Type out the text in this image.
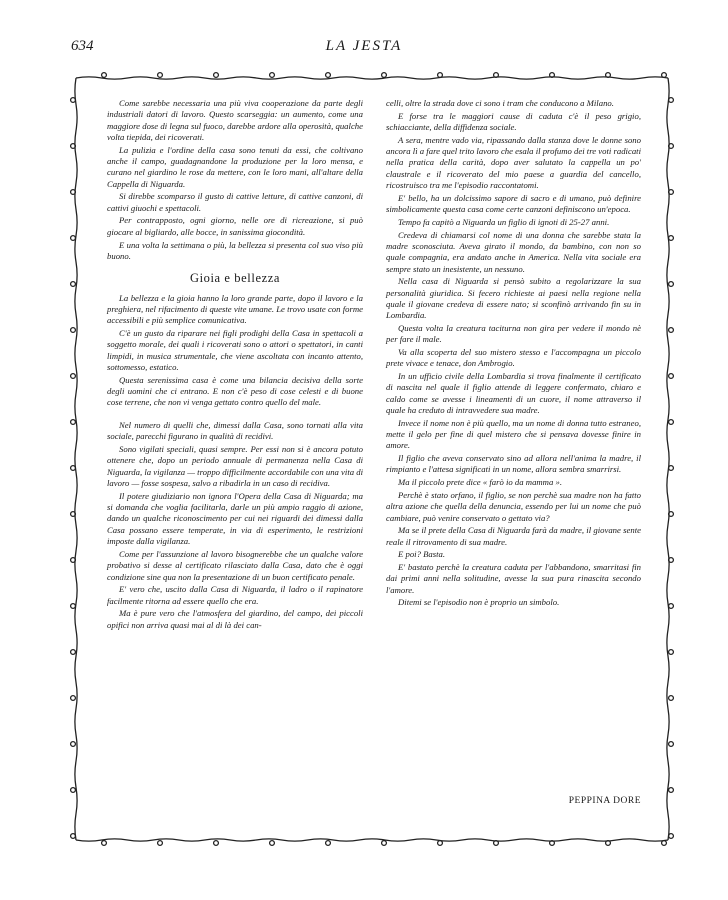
634	LA JESTA

Come sarebbe necessaria una più viva cooperazione da parte degli industriali datori di lavoro. Questo scarseggia: un aumento, come una maggiore dose di legna sul fuoco, darebbe ardore alla operosità, qualche volta tiepida, dei ricoverati.

La pulizia e l'ordine della casa sono tenuti da essi, che coltivano anche il campo, guadagnandone la produzione per la loro mensa, e curano nel giardino le rose da mettere, con le loro mani, all'altare della Cappella di Niguarda.

Si direbbe scomparso il gusto di cattive letture, di cattive canzoni, di cattivi giuochi e spettacoli.

Per contrapposto, ogni giorno, nelle ore di ricreazione, si può giocare al bigliardo, alle bocce, in sanissima giocondità.

E una volta la settimana o più, la bellezza si presenta col suo viso più buono.

Gioia e bellezza

La bellezza e la gioia hanno la loro grande parte, dopo il lavoro e la preghiera, nel rifacimento di queste vite umane. Le trovo usate con forme accessibili e più semplice comunicativa.

C'è un gusto da riparare nei figli prodighi della Casa in spettacoli a soggetto morale, dei quali i ricoverati sono o attori o spettatori, in canti limpidi, in musica strumentale, che viene ascoltata con incanto attento, sottomesso, estatico.

Questa serenissima casa è come una bilancia decisiva della sorte degli uomini che ci entrano. E non c'è peso di cose celesti e di buone cose terrene, che non vi venga gettato contro quello del male.

Nel numero di quelli che, dimessi dalla Casa, sono tornati alla vita sociale, parecchi figurano in qualità di recidivi.

Sono vigilati speciali, quasi sempre. Per essi non si è ancora potuto ottenere che, dopo un periodo annuale di permanenza nella Casa di Niguarda, la vigilanza — troppo difficilmente accordabile con una vita di lavoro — fosse sospesa, salvo a ribadirla in un caso di recidiva.

Il potere giudiziario non ignora l'Opera della Casa di Niguarda; ma si domanda che voglia facilitarla, darle un più ampio raggio di azione, dando un qualche riconoscimento per cui nei riguardi dei dimessi dalla Casa possano essere temperate, in via di esperimento, le restrizioni imposte dalla vigilanza.

Come per l'assunzione al lavoro bisognerebbe che un qualche valore probativo si desse al certificato rilasciato dalla Casa, dato che è oggi condizione sine qua non la presentazione di un buon certificato penale.

E' vero che, uscito dalla Casa di Niguarda, il ladro o il rapinatore facilmente ritorna ad essere quello che era.

Ma è pure vero che l'atmosfera del giardino, del campo, dei piccoli opifici non arriva quasi mai al di là dei can-

celli, oltre la strada dove ci sono i tram che conducono a Milano.

E forse tra le maggiori cause di caduta c'è il peso grigio, schiacciante, della diffidenza sociale.

A sera, mentre vado via, ripassando dalla stanza dove le donne sono ancora lì a fare quel trito lavoro che esala il profumo dei tre voti radicati nella pratica della carità, dopo aver salutato la cappella un po' claustrale e il ricoverato del mio paese a guardia del cancello, ricostruisco tra me l'episodio raccontatomi.

E' bello, ha un dolcissimo sapore di sacro e di umano, può definire simbolicamente questa casa come certe canzoni definiscono un'epoca.

Tempo fa capitò a Niguarda un figlio di ignoti di 25-27 anni.

Credeva di chiamarsi col nome di una donna che sarebbe stata la madre sconosciuta. Aveva girato il mondo, da bambino, con non so quale compagnia, era andato anche in America. Nella vita sociale era sempre stato un inesistente, un nessuno.

Nella casa di Niguarda si pensò subito a regolarizzare la sua personalità giuridica. Si fecero richieste ai paesi nella regione nella quale il giovane credeva di essere nato; si sconfinò arrivando fin su in Lombardia.

Questa volta la creatura taciturna non gira per vedere il mondo nè per fare il male.

Va alla scoperta del suo mistero stesso e l'accompagna un piccolo prete vivace e tenace, don Ambrogio.

In un ufficio civile della Lombardia si trova finalmente il certificato di nascita nel quale il figlio attende di leggere confermato, chiaro e caldo come se avesse i lineamenti di un cuore, il nome attraverso il quale ha creduto di intravvedere sua madre.

Invece il nome non è più quello, ma un nome di donna tutto estraneo, mette il gelo per fine di quel mistero che si pensava dovesse finire in amore.

Il figlio che aveva conservato sino ad allora nell'anima la madre, il rimpianto e l'attesa significati in un nome, allora sembra smarrirsi.

Ma il piccolo prete dice « farò io da mamma ».

Perchè è stato orfano, il figlio, se non perchè sua madre non ha fatto altra azione che quella della denuncia, essendo per lui un nome che può cambiare, può venire conservato o gettato via?

Ma se il prete della Casa di Niguarda farà da madre, il giovane sente reale il ritrovamento di sua madre.

E poi? Basta.

E' bastato perchè la creatura caduta per l'abbandono, smarritasi fin dai primi anni nella solitudine, avesse la sua pura rinascita secondo l'amore.

Ditemi se l'episodio non è proprio un simbolo.

PEPPINA DORE
